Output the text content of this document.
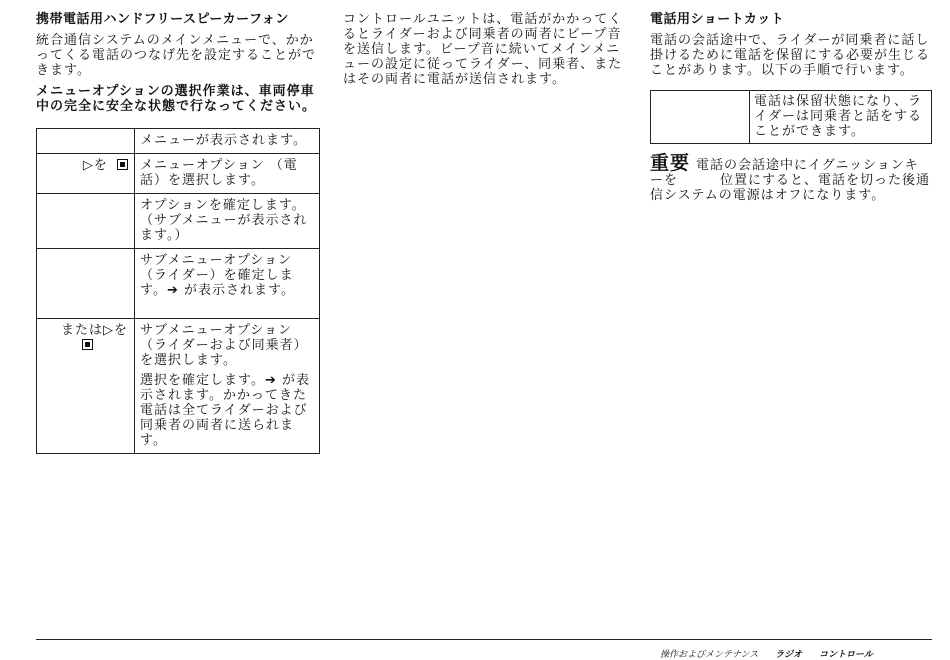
携帯電話用ハンドフリースピーカーフォン
統合通信システムのメインメニューで、かかってくる電話のつなげ先を設定することができます。
メニューオプションの選択作業は、車両停車中の完全に安全な状態で行なってください。
	メニューが表示されます。
▷を	メニューオプション （電話）を選択します。
	オプションを確定します。（サブメニューが表示されます。）
	サブメニューオプション （ライダー）を確定します。➔ が表示されます。

または▷を	サブメニューオプション （ライダーおよび同乗者）を選択します。
選択を確定します。➔ が表示されます。かかってきた電話は全てライダーおよび同乗者の両者に送られます。
コントロールユニットは、電話がかかってくるとライダーおよび同乗者の両者にビープ音を送信します。ビープ音に続いてメインメニューの設定に従ってライダー、同乗者、またはその両者に電話が送信されます。
電話用ショートカット
電話の会話途中で、ライダーが同乗者に話し掛けるために電話を保留にする必要が生じることがあります。以下の手順で行います。
	電話は保留状態になり、ライダーは同乗者と話をすることができます。
重要 電話の会話途中にイグニッションキーを　　　位置にすると、電話を切った後通信システムの電源はオフになります。
操作およびメンテナンス ラジオ コントロール
